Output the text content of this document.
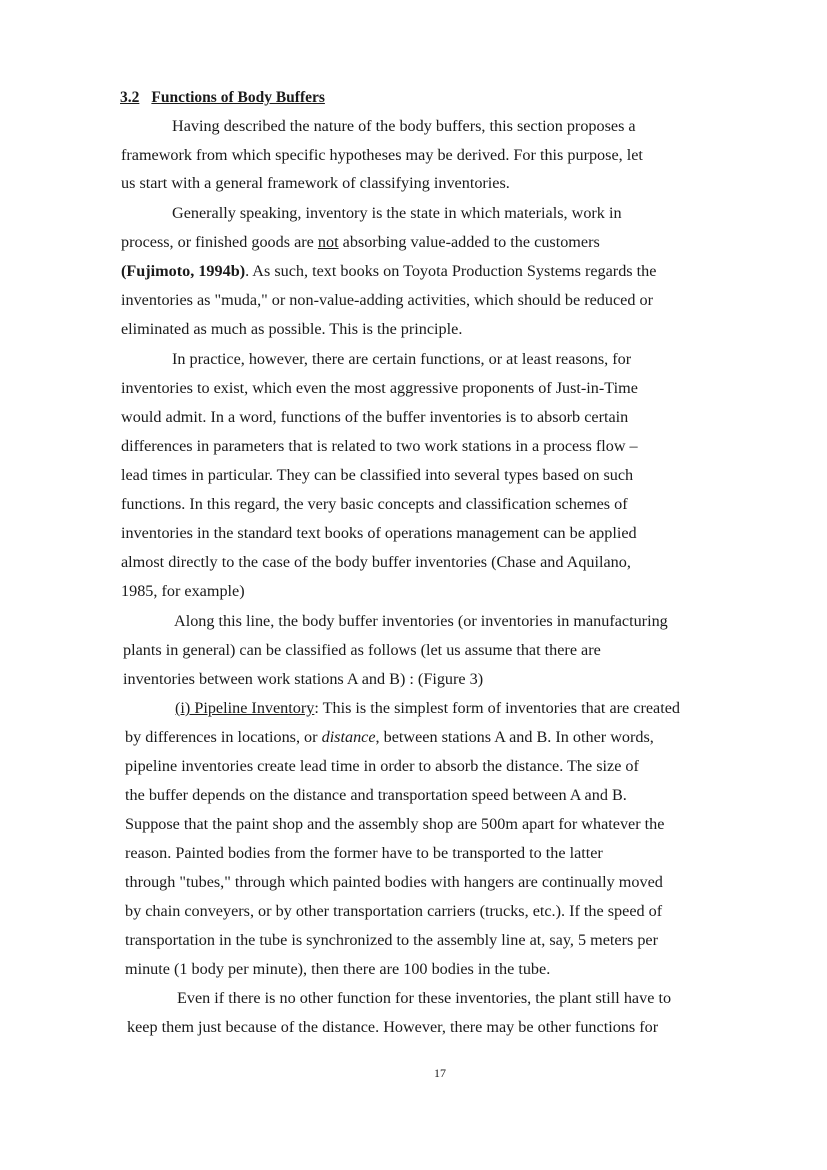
3.2 Functions of Body Buffers
Having described the nature of the body buffers, this section proposes a
framework from which specific hypotheses may be derived. For this purpose, let
us start with a general framework of classifying inventories.
Generally speaking, inventory is the state in which materials, work in
process, or finished goods are not absorbing value-added to the customers
(Fujimoto, 1994b). As such, text books on Toyota Production Systems regards the
inventories as "muda," or non-value-adding activities, which should be reduced or
eliminated as much as possible. This is the principle.
In practice, however, there are certain functions, or at least reasons, for
inventories to exist, which even the most aggressive proponents of Just-in-Time
would admit. In a word, functions of the buffer inventories is to absorb certain
differences in parameters that is related to two work stations in a process flow –
lead times in particular. They can be classified into several types based on such
functions. In this regard, the very basic concepts and classification schemes of
inventories in the standard text books of operations management can be applied
almost directly to the case of the body buffer inventories (Chase and Aquilano,
1985, for example)
Along this line, the body buffer inventories (or inventories in manufacturing
plants in general) can be classified as follows (let us assume that there are
inventories between work stations A and B) : (Figure 3)
(i) Pipeline Inventory: This is the simplest form of inventories that are created
by differences in locations, or distance, between stations A and B. In other words,
pipeline inventories create lead time in order to absorb the distance. The size of
the buffer depends on the distance and transportation speed between A and B.
Suppose that the paint shop and the assembly shop are 500m apart for whatever the
reason. Painted bodies from the former have to be transported to the latter
through "tubes," through which painted bodies with hangers are continually moved
by chain conveyers, or by other transportation carriers (trucks, etc.). If the speed of
transportation in the tube is synchronized to the assembly line at, say, 5 meters per
minute (1 body per minute), then there are 100 bodies in the tube.
Even if there is no other function for these inventories, the plant still have to
keep them just because of the distance. However, there may be other functions for
17
